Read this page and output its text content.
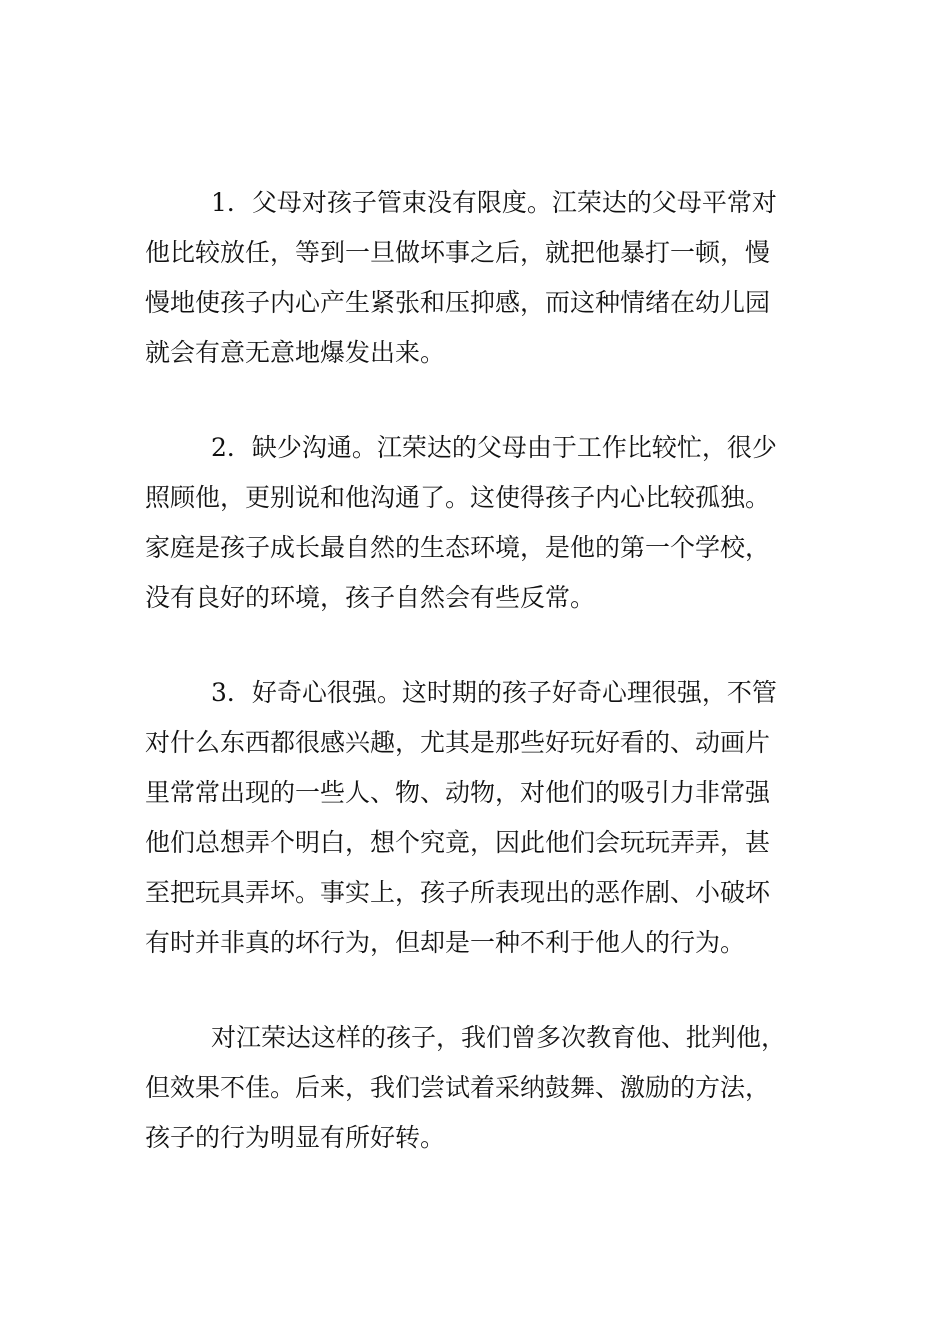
1．父母对孩子管束没有限度。江荣达的父母平常对
他比较放任，等到一旦做坏事之后，就把他暴打一顿，慢
慢地使孩子内心产生紧张和压抑感，而这种情绪在幼儿园
就会有意无意地爆发出来。
2．缺少沟通。江荣达的父母由于工作比较忙，很少
照顾他，更别说和他沟通了。这使得孩子内心比较孤独。
家庭是孩子成长最自然的生态环境，是他的第一个学校，
没有良好的环境，孩子自然会有些反常。
3．好奇心很强。这时期的孩子好奇心理很强，不管
对什么东西都很感兴趣，尤其是那些好玩好看的、动画片
里常常出现的一些人、物、动物，对他们的吸引力非常强
他们总想弄个明白，想个究竟，因此他们会玩玩弄弄，甚
至把玩具弄坏。事实上，孩子所表现出的恶作剧、小破坏
有时并非真的坏行为，但却是一种不利于他人的行为。
对江荣达这样的孩子，我们曾多次教育他、批判他，
但效果不佳。后来，我们尝试着采纳鼓舞、激励的方法，
孩子的行为明显有所好转。
